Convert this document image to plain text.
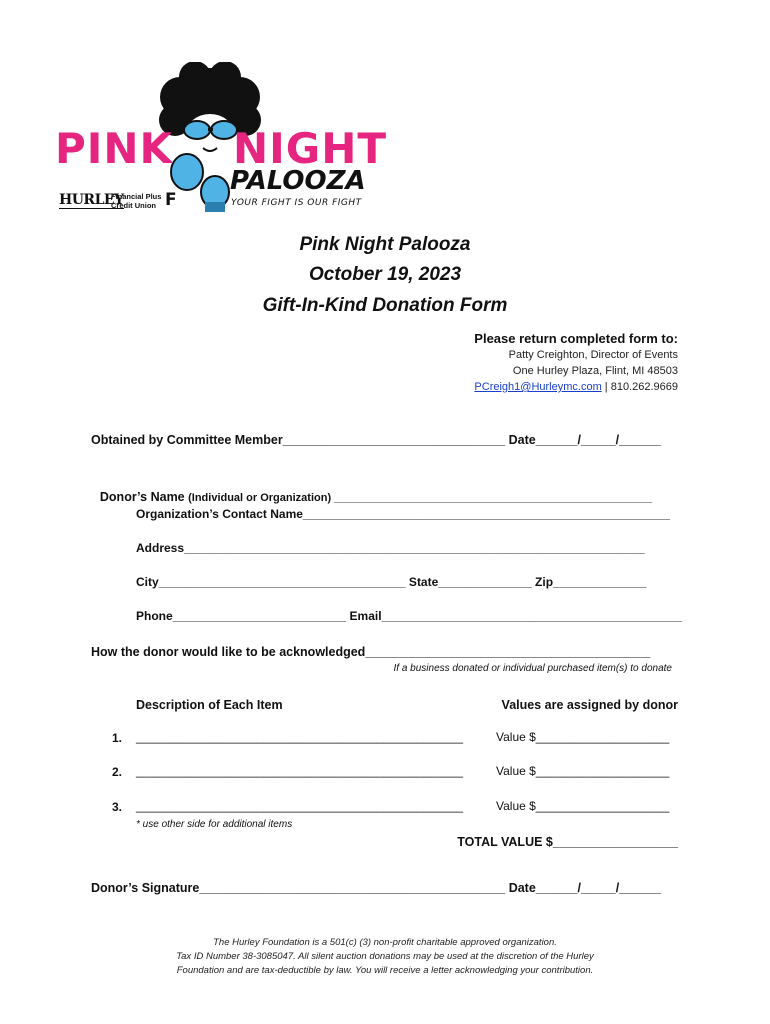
PINK NIGHT
PALOOZA
YOUR FIGHT IS OUR FIGHT
HURLEY
Financial Plus
Credit Union F
Pink Night Palooza
October 19, 2023
Gift-In-Kind Donation Form
Please return completed form to:
Patty Creighton, Director of Events
One Hurley Plaza, Flint, MI 48503
PCreigh1@Hurleymc.com | 810.262.9669
Obtained by Committee Member________________________________ Date______/_____/______

Donor’s Name (Individual or Organization) ____________________________________________________

Organization’s Contact Name_______________________________________________________
Address_____________________________________________________________________
City_____________________________________ State______________ Zip______________
Phone__________________________ Email_____________________________________________
How the donor would like to be acknowledged_________________________________________
If a business donated or individual purchased item(s) to donate
Description of Each Item	Values are assigned by donor
1. _________________________________________________	Value $____________________
2. _________________________________________________	Value $____________________
3. _________________________________________________	Value $____________________
* use other side for additional items
TOTAL VALUE $__________________
Donor’s Signature____________________________________________ Date______/_____/______
The Hurley Foundation is a 501(c) (3) non-profit charitable approved organization.
Tax ID Number 38-3085047. All silent auction donations may be used at the discretion of the Hurley
Foundation and are tax-deductible by law. You will receive a letter acknowledging your contribution.
